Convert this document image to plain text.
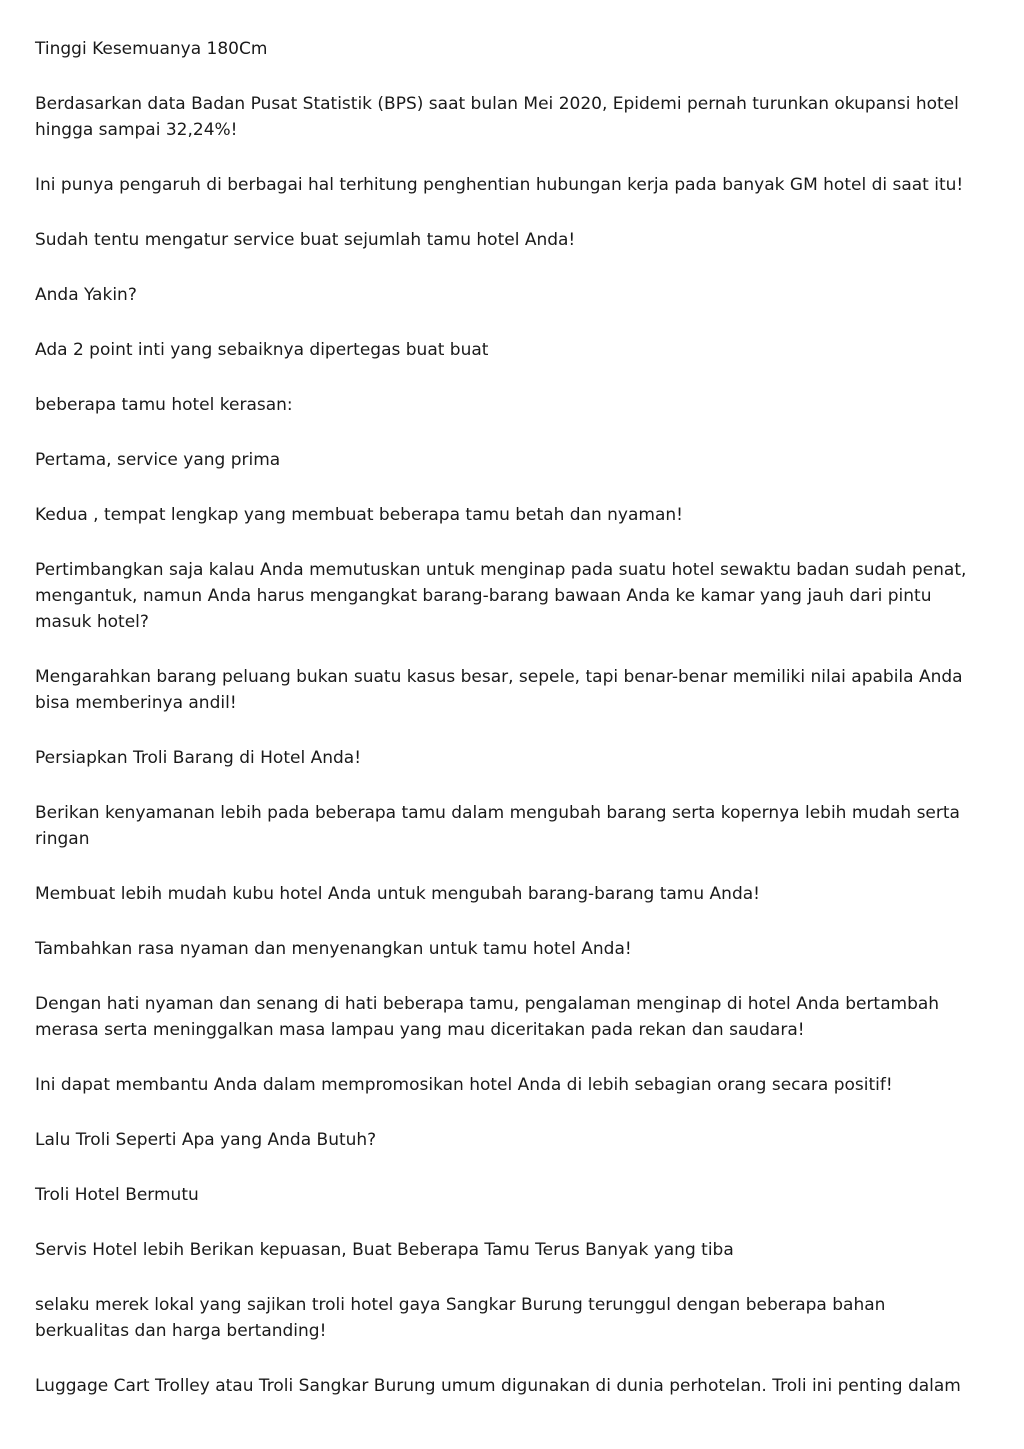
Tinggi Kesemuanya 180Cm

Berdasarkan data Badan Pusat Statistik (BPS) saat bulan Mei 2020, Epidemi pernah turunkan okupansi hotel hingga sampai 32,24%!

Ini punya pengaruh di berbagai hal terhitung penghentian hubungan kerja pada banyak GM hotel di saat itu!

Sudah tentu mengatur service buat sejumlah tamu hotel Anda!

Anda Yakin?

Ada 2 point inti yang sebaiknya dipertegas buat buat

beberapa tamu hotel kerasan:

Pertama, service yang prima

Kedua , tempat lengkap yang membuat beberapa tamu betah dan nyaman!

Pertimbangkan saja kalau Anda memutuskan untuk menginap pada suatu hotel sewaktu badan sudah penat, mengantuk, namun Anda harus mengangkat barang-barang bawaan Anda ke kamar yang jauh dari pintu masuk hotel?

Mengarahkan barang peluang bukan suatu kasus besar, sepele, tapi benar-benar memiliki nilai apabila Anda bisa memberinya andil!

Persiapkan Troli Barang di Hotel Anda!

Berikan kenyamanan lebih pada beberapa tamu dalam mengubah barang serta kopernya lebih mudah serta ringan

Membuat lebih mudah kubu hotel Anda untuk mengubah barang-barang tamu Anda!

Tambahkan rasa nyaman dan menyenangkan untuk tamu hotel Anda!

Dengan hati nyaman dan senang di hati beberapa tamu, pengalaman menginap di hotel Anda bertambah merasa serta meninggalkan masa lampau yang mau diceritakan pada rekan dan saudara!

Ini dapat membantu Anda dalam mempromosikan hotel Anda di lebih sebagian orang secara positif!

Lalu Troli Seperti Apa yang Anda Butuh?

Troli Hotel Bermutu

Servis Hotel lebih Berikan kepuasan, Buat Beberapa Tamu Terus Banyak yang tiba

selaku merek lokal yang sajikan troli hotel gaya Sangkar Burung terunggul dengan beberapa bahan berkualitas dan harga bertanding!

Luggage Cart Trolley atau Troli Sangkar Burung umum digunakan di dunia perhotelan. Troli ini penting dalam
